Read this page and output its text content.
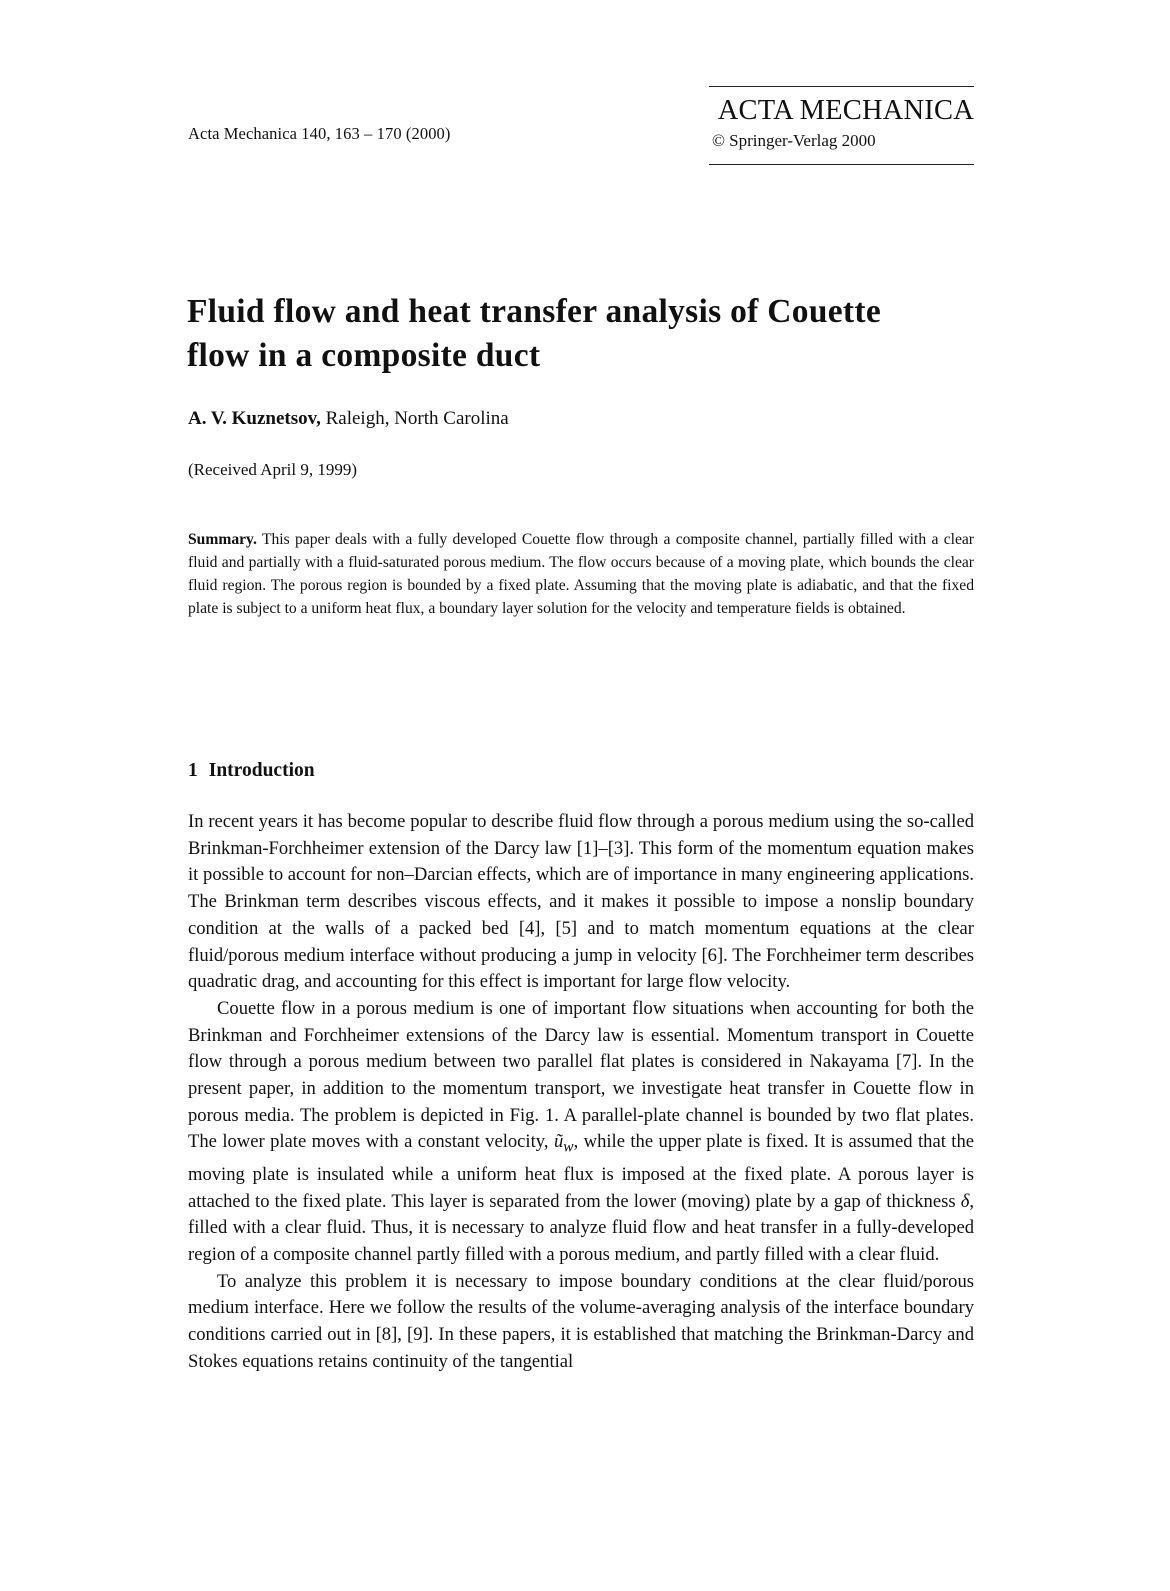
Acta Mechanica 140, 163 – 170 (2000)
ACTA MECHANICA
© Springer-Verlag 2000
Fluid flow and heat transfer analysis of Couette
flow in a composite duct
A. V. Kuznetsov, Raleigh, North Carolina
(Received April 9, 1999)
Summary. This paper deals with a fully developed Couette flow through a composite channel, partially filled with a clear fluid and partially with a fluid-saturated porous medium. The flow occurs because of a moving plate, which bounds the clear fluid region. The porous region is bounded by a fixed plate. Assuming that the moving plate is adiabatic, and that the fixed plate is subject to a uniform heat flux, a boundary layer solution for the velocity and temperature fields is obtained.
1 Introduction

In recent years it has become popular to describe fluid flow through a porous medium using the so-called Brinkman-Forchheimer extension of the Darcy law [1]–[3]. This form of the momentum equation makes it possible to account for non–Darcian effects, which are of importance in many engineering applications. The Brinkman term describes viscous effects, and it makes it possible to impose a nonslip boundary condition at the walls of a packed bed [4], [5] and to match momentum equations at the clear fluid/porous medium interface without producing a jump in velocity [6]. The Forchheimer term describes quadratic drag, and accounting for this effect is important for large flow velocity.

Couette flow in a porous medium is one of important flow situations when accounting for both the Brinkman and Forchheimer extensions of the Darcy law is essential. Momentum transport in Couette flow through a porous medium between two parallel flat plates is considered in Nakayama [7]. In the present paper, in addition to the momentum transport, we investigate heat transfer in Couette flow in porous media. The problem is depicted in Fig. 1. A parallel-plate channel is bounded by two flat plates. The lower plate moves with a constant velocity, $ũ_w$, while the upper plate is fixed. It is assumed that the moving plate is insulated while a uniform heat flux is imposed at the fixed plate. A porous layer is attached to the fixed plate. This layer is separated from the lower (moving) plate by a gap of thickness δ, filled with a clear fluid. Thus, it is necessary to analyze fluid flow and heat transfer in a fully-developed region of a composite channel partly filled with a porous medium, and partly filled with a clear fluid.

To analyze this problem it is necessary to impose boundary conditions at the clear fluid/porous medium interface. Here we follow the results of the volume-averaging analysis of the interface boundary conditions carried out in [8], [9]. In these papers, it is established that matching the Brinkman-Darcy and Stokes equations retains continuity of the tangential
